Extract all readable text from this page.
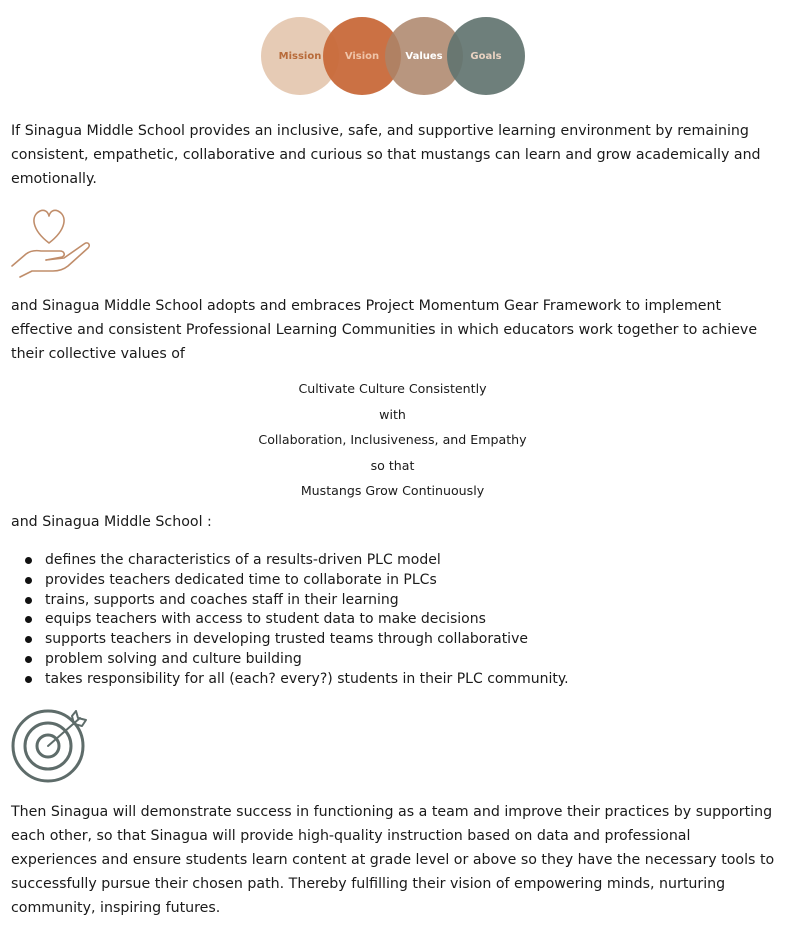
Mission Vision	Values	Goals

If Sinagua Middle School provides an inclusive, safe, and supportive learning environment by remaining consistent, empathetic, collaborative and curious so that mustangs can learn and grow academically and emotionally.

and Sinagua Middle School adopts and embraces Project Momentum Gear Framework to implement effective and consistent Professional Learning Communities in which educators work together to achieve their collective values of

Cultivate Culture Consistently
with
Collaboration, Inclusiveness, and Empathy
so that
Mustangs Grow Continuously

and Sinagua Middle School :

defines the characteristics of a results-driven PLC model
provides teachers dedicated time to collaborate in PLCs
trains, supports and coaches staff in their learning
equips teachers with access to student data to make decisions
supports teachers in developing trusted teams through collaborative
problem solving and culture building
takes responsibility for all (each? every?) students in their PLC community.

Then Sinagua will demonstrate success in functioning as a team and improve their practices by supporting each other, so that Sinagua will provide high-quality instruction based on data and professional experiences and ensure students learn content at grade level or above so they have the necessary tools to successfully pursue their chosen path. Thereby fulfilling their vision of empowering minds, nurturing community, inspiring futures.
